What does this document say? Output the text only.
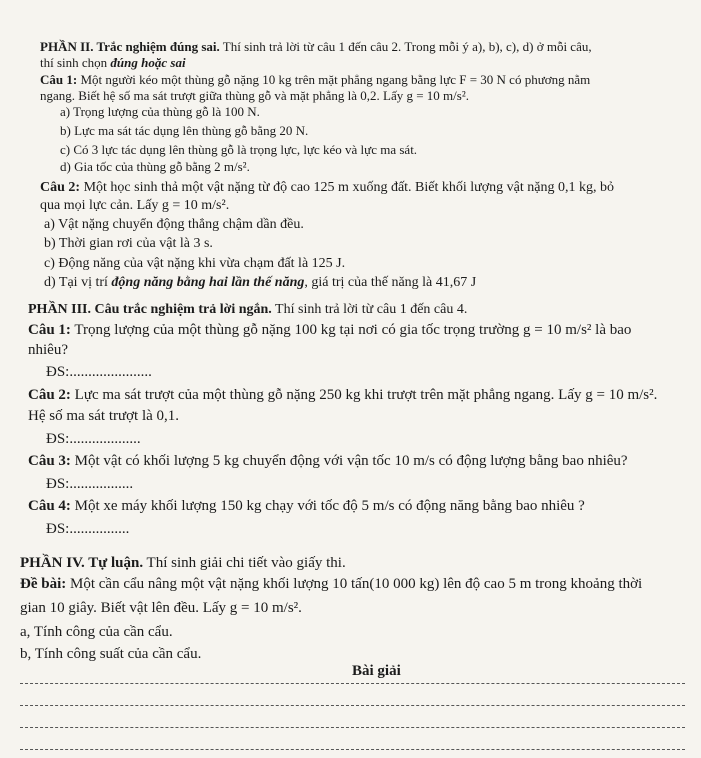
PHẦN II. Trắc nghiệm đúng sai. Thí sinh trả lời từ câu 1 đến câu 2. Trong mỗi ý a), b), c), d) ở mỗi câu,
thí sinh chọn đúng hoặc sai
Câu 1: Một người kéo một thùng gỗ nặng 10 kg trên mặt phẳng ngang bằng lực F = 30 N có phương nằm
ngang. Biết hệ số ma sát trượt giữa thùng gỗ và mặt phẳng là 0,2. Lấy g = 10 m/s².
a) Trọng lượng của thùng gỗ là 100 N.
b) Lực ma sát tác dụng lên thùng gỗ bằng 20 N.
c) Có 3 lực tác dụng lên thùng gỗ là trọng lực, lực kéo và lực ma sát.
d) Gia tốc của thùng gỗ bằng 2 m/s².
Câu 2: Một học sinh thả một vật nặng từ độ cao 125 m xuống đất. Biết khối lượng vật nặng 0,1 kg, bỏ
qua mọi lực cản. Lấy g = 10 m/s².
a) Vật nặng chuyển động thẳng chậm dần đều.
b) Thời gian rơi của vật là 3 s.
c) Động năng của vật nặng khi vừa chạm đất là 125 J.
d) Tại vị trí động năng bằng hai lần thế năng, giá trị của thế năng là 41,67 J
PHẦN III. Câu trắc nghiệm trả lời ngắn. Thí sinh trả lời từ câu 1 đến câu 4.
Câu 1: Trọng lượng của một thùng gỗ nặng 100 kg tại nơi có gia tốc trọng trường g = 10 m/s² là bao
nhiêu?
ĐS:......................
Câu 2: Lực ma sát trượt của một thùng gỗ nặng 250 kg khi trượt trên mặt phẳng ngang. Lấy g = 10 m/s².
Hệ số ma sát trượt là 0,1.
ĐS:...................
Câu 3: Một vật có khối lượng 5 kg chuyển động với vận tốc 10 m/s có động lượng bằng bao nhiêu?
ĐS:.................
Câu 4: Một xe máy khối lượng 150 kg chạy với tốc độ 5 m/s có động năng bằng bao nhiêu ?
ĐS:................
PHẦN IV. Tự luận. Thí sinh giải chi tiết vào giấy thi.
Đề bài: Một cần cẩu nâng một vật nặng khối lượng 10 tấn(10 000 kg) lên độ cao 5 m trong khoảng thời
gian 10 giây. Biết vật lên đều. Lấy g = 10 m/s².
a, Tính công của cần cẩu.
b, Tính công suất của cần cẩu.
Bài giải
